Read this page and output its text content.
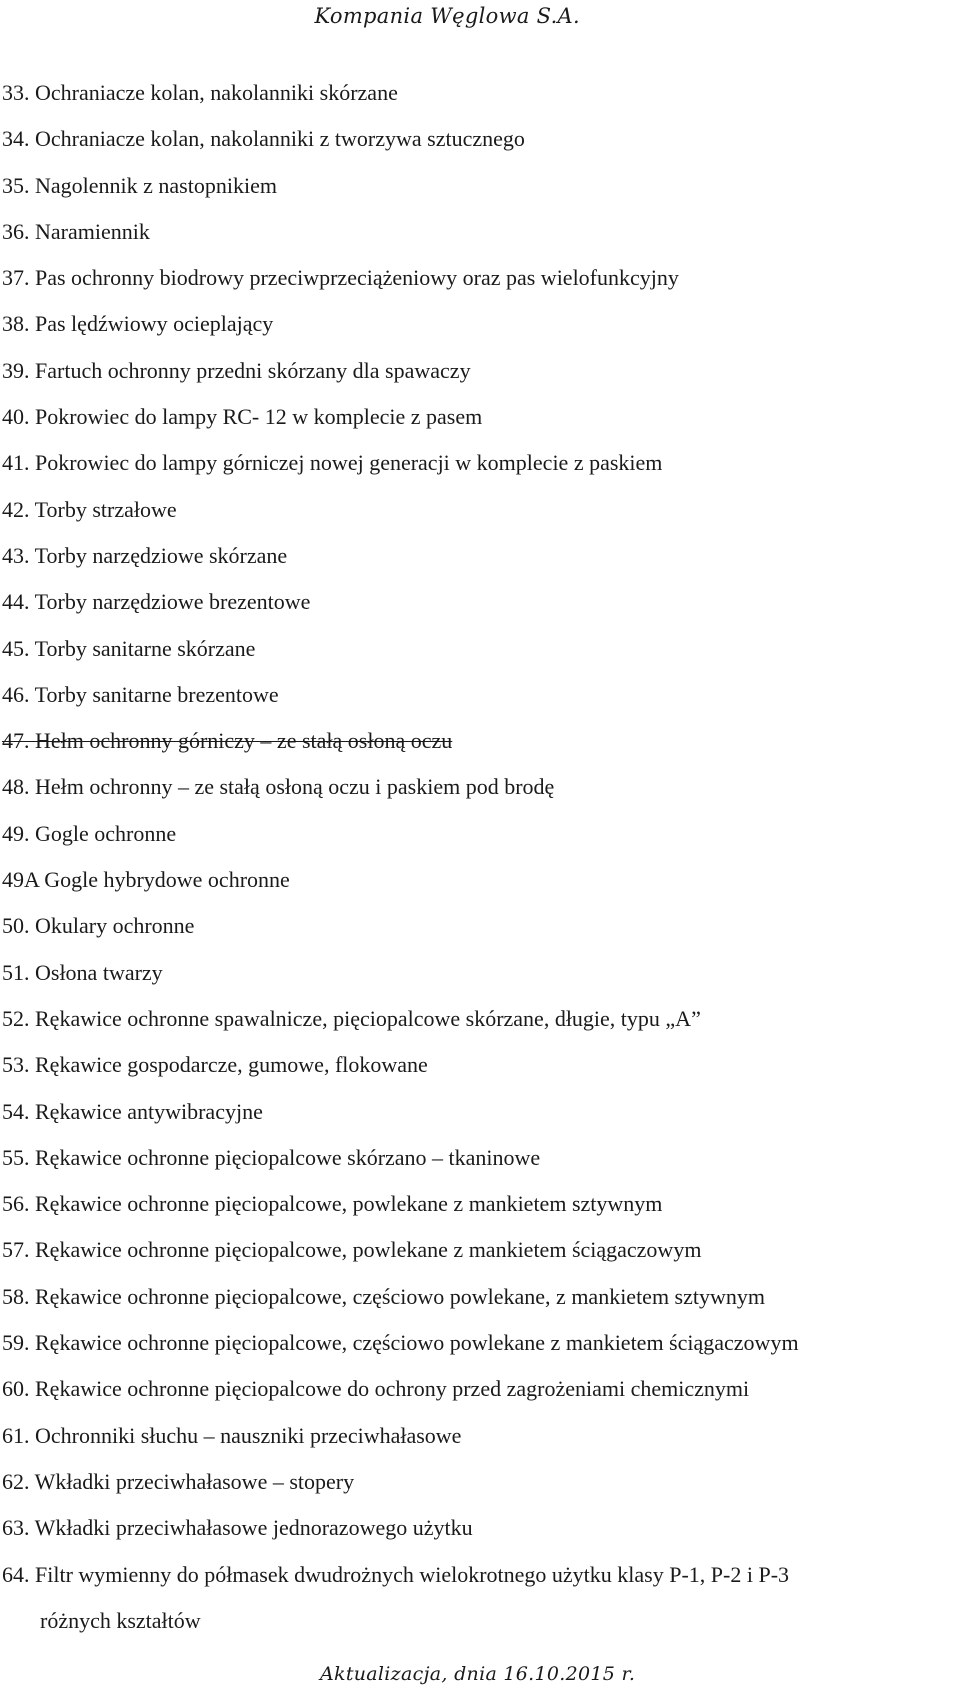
Kompania Węglowa S.A.
33. Ochraniacze kolan, nakolanniki skórzane
34. Ochraniacze kolan, nakolanniki z tworzywa sztucznego
35. Nagolennik z nastopnikiem
36. Naramiennik
37. Pas ochronny biodrowy przeciwprzeciążeniowy oraz pas wielofunkcyjny
38. Pas lędźwiowy ocieplający
39. Fartuch ochronny przedni skórzany dla spawaczy
40. Pokrowiec do lampy RC- 12 w komplecie z pasem
41. Pokrowiec do lampy górniczej nowej generacji w komplecie z paskiem
42. Torby strzałowe
43. Torby narzędziowe skórzane
44. Torby narzędziowe brezentowe
45. Torby sanitarne skórzane
46. Torby sanitarne brezentowe
47. Hełm ochronny górniczy – ze stałą osłoną oczu
48. Hełm ochronny – ze stałą osłoną oczu i paskiem pod brodę
49. Gogle ochronne
49A Gogle hybrydowe ochronne
50. Okulary ochronne
51. Osłona twarzy
52. Rękawice ochronne spawalnicze, pięciopalcowe skórzane, długie, typu „A”
53. Rękawice gospodarcze, gumowe, flokowane
54. Rękawice antywibracyjne
55. Rękawice ochronne pięciopalcowe skórzano – tkaninowe
56. Rękawice ochronne pięciopalcowe, powlekane z mankietem sztywnym
57. Rękawice ochronne pięciopalcowe, powlekane z mankietem ściągaczowym
58. Rękawice ochronne pięciopalcowe, częściowo powlekane, z mankietem sztywnym
59. Rękawice ochronne pięciopalcowe, częściowo powlekane z mankietem ściągaczowym
60. Rękawice ochronne pięciopalcowe do ochrony przed zagrożeniami chemicznymi
61. Ochronniki słuchu – nauszniki przeciwhałasowe
62. Wkładki przeciwhałasowe – stopery
63. Wkładki przeciwhałasowe jednorazowego użytku
64. Filtr wymienny do półmasek dwudrożnych wielokrotnego użytku klasy P-1, P-2 i P-3
różnych kształtów
Aktualizacja, dnia 16.10.2015 r.
